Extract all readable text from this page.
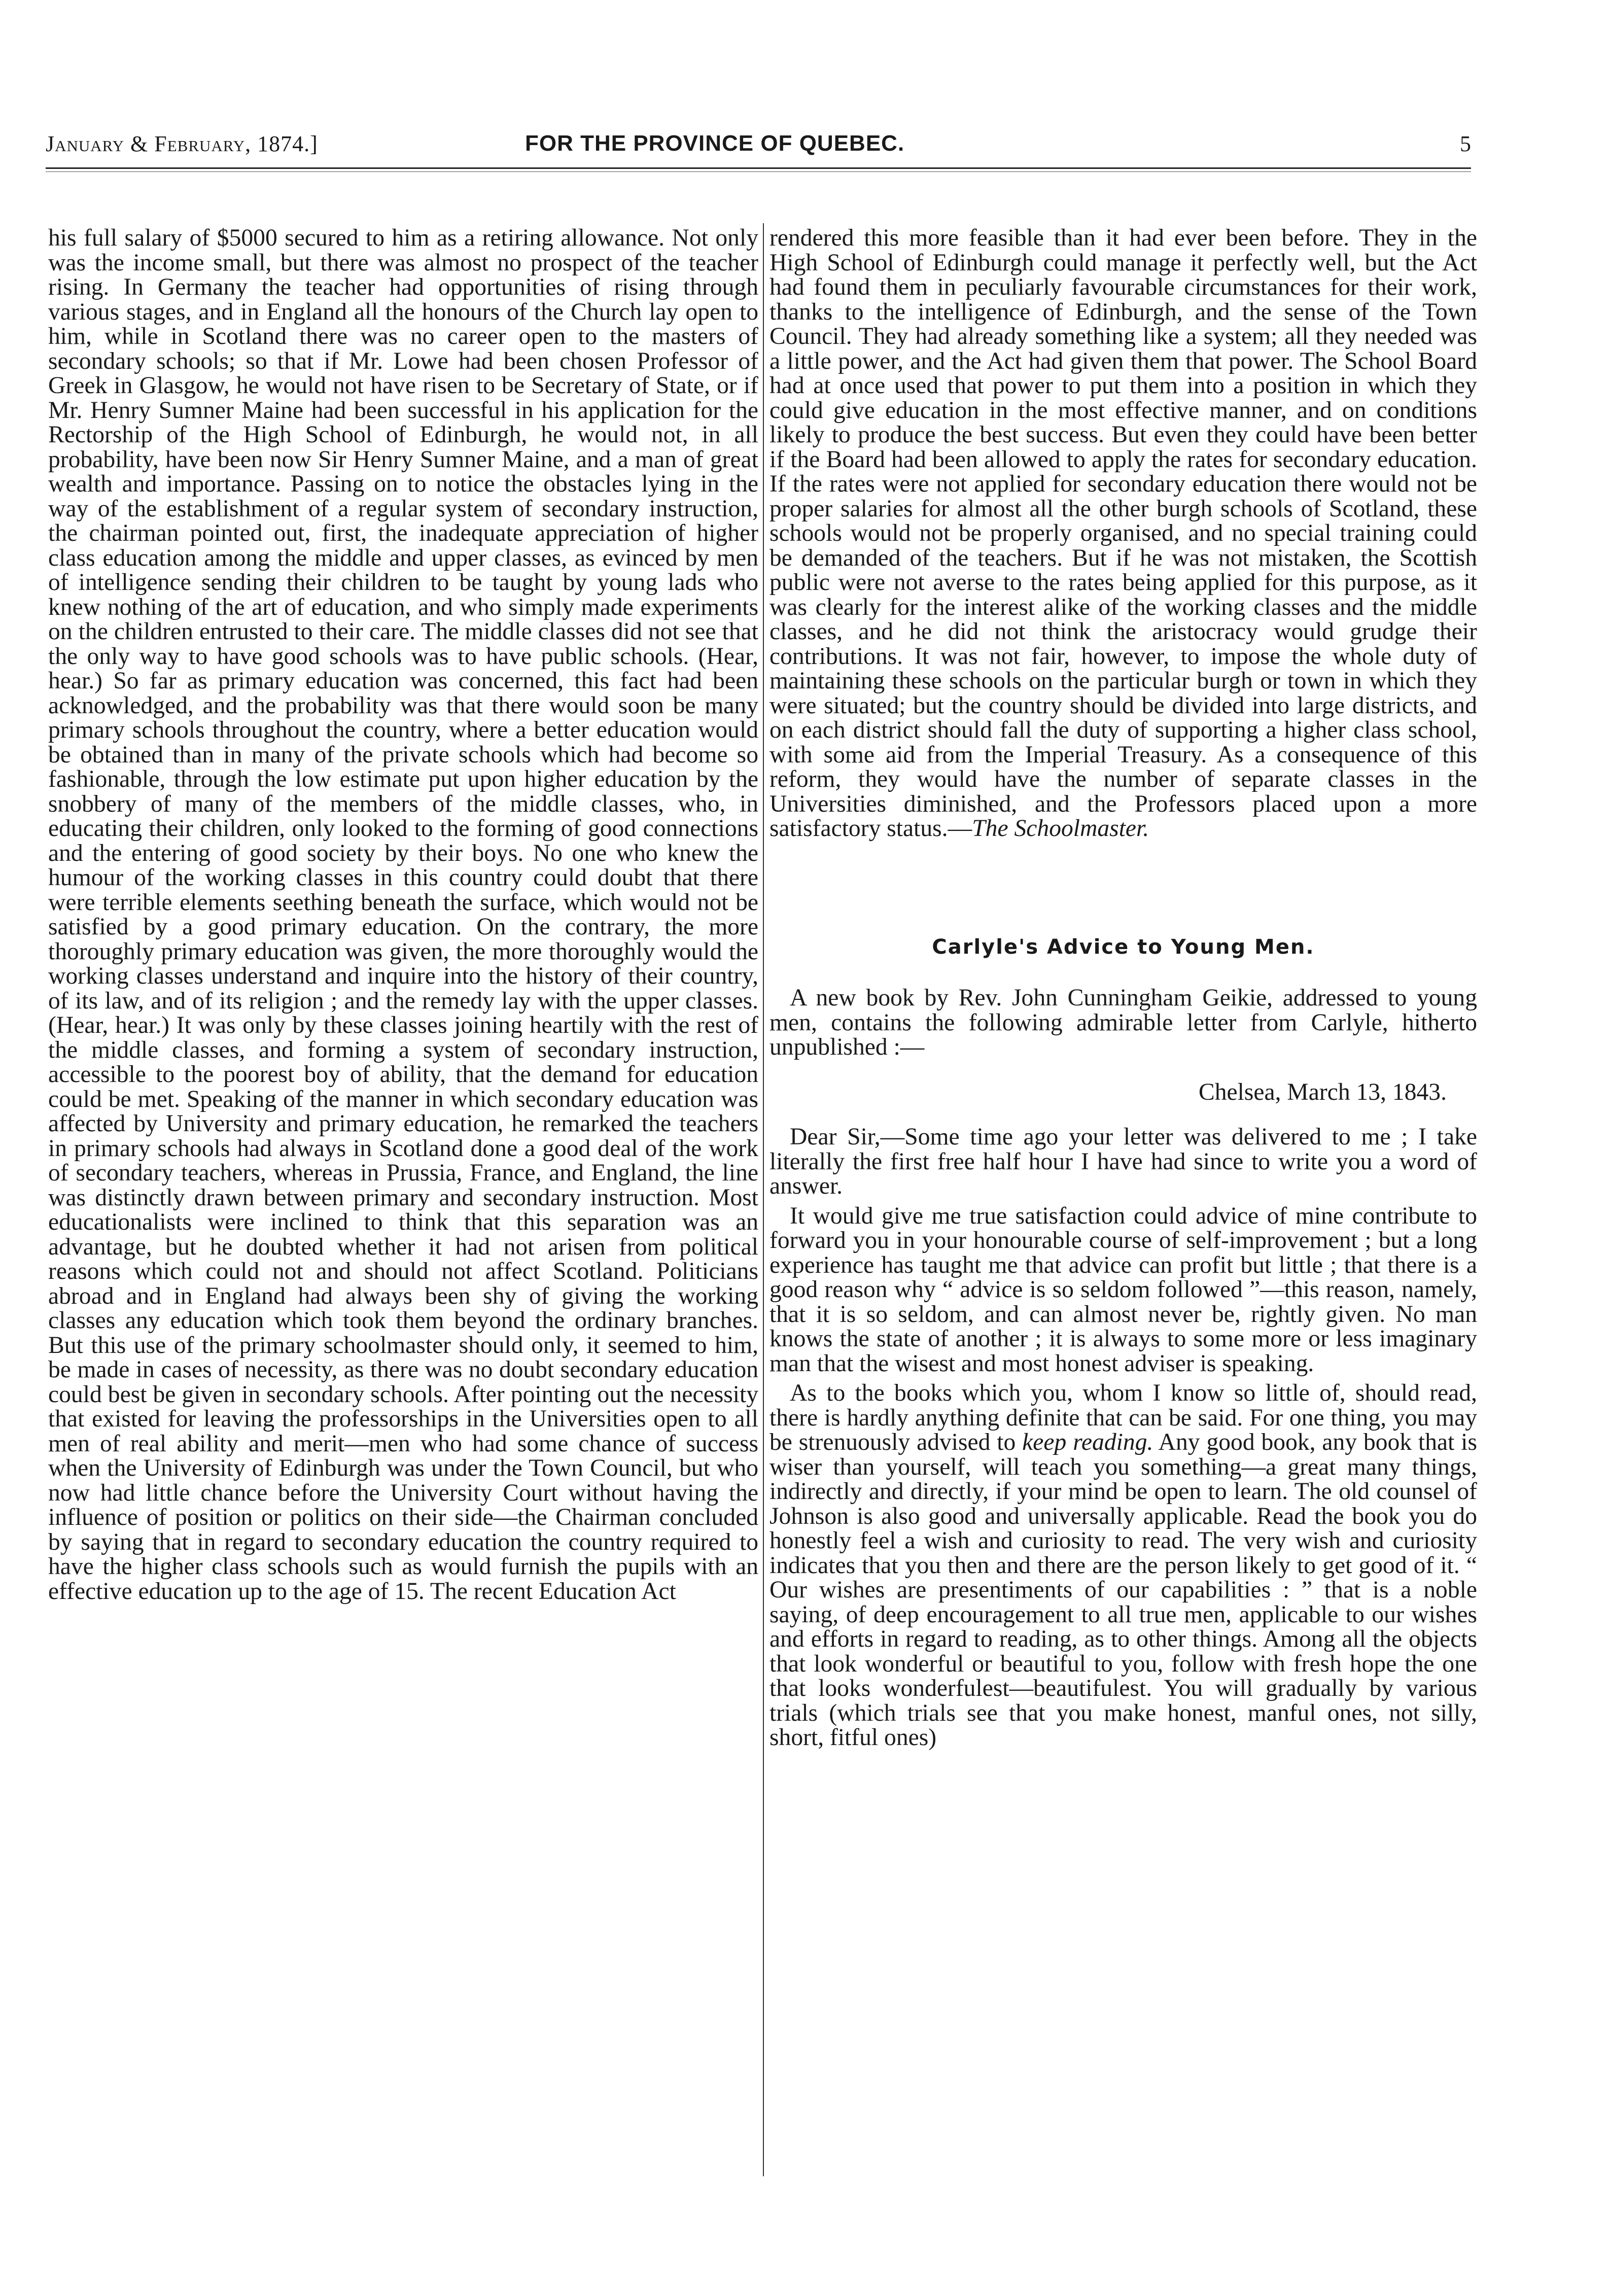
January & February, 1874.]	FOR THE PROVINCE OF QUEBEC.	5

his full salary of $5000 secured to him as a retiring allowance. Not only was the income small, but there was almost no prospect of the teacher rising. In Germany the teacher had opportunities of rising through various stages, and in England all the honours of the Church lay open to him, while in Scotland there was no career open to the masters of secondary schools; so that if Mr. Lowe had been chosen Professor of Greek in Glasgow, he would not have risen to be Secretary of State, or if Mr. Henry Sumner Maine had been successful in his application for the Rectorship of the High School of Edinburgh, he would not, in all probability, have been now Sir Henry Sumner Maine, and a man of great wealth and importance. Passing on to notice the obstacles lying in the way of the establishment of a regular system of secondary instruction, the chairman pointed out, first, the inadequate appreciation of higher class education among the middle and upper classes, as evinced by men of intelligence sending their children to be taught by young lads who knew nothing of the art of education, and who simply made experiments on the children entrusted to their care. The middle classes did not see that the only way to have good schools was to have public schools. (Hear, hear.) So far as primary education was concerned, this fact had been acknowledged, and the probability was that there would soon be many primary schools throughout the country, where a better education would be obtained than in many of the private schools which had become so fashionable, through the low estimate put upon higher education by the snobbery of many of the members of the middle classes, who, in educating their children, only looked to the forming of good connections and the entering of good society by their boys. No one who knew the humour of the working classes in this country could doubt that there were terrible elements seething beneath the surface, which would not be satisfied by a good primary education. On the contrary, the more thoroughly primary education was given, the more thoroughly would the working classes understand and inquire into the history of their country, of its law, and of its religion ; and the remedy lay with the upper classes. (Hear, hear.) It was only by these classes joining heartily with the rest of the middle classes, and forming a system of secondary instruction, accessible to the poorest boy of ability, that the demand for education could be met. Speaking of the manner in which secondary education was affected by University and primary education, he remarked the teachers in primary schools had always in Scotland done a good deal of the work of secondary teachers, whereas in Prussia, France, and England, the line was distinctly drawn between primary and secondary instruction. Most educationalists were inclined to think that this separation was an advantage, but he doubted whether it had not arisen from political reasons which could not and should not affect Scotland. Politicians abroad and in England had always been shy of giving the working classes any education which took them beyond the ordinary branches. But this use of the primary schoolmaster should only, it seemed to him, be made in cases of necessity, as there was no doubt secondary education could best be given in secondary schools. After pointing out the necessity that existed for leaving the professorships in the Universities open to all men of real ability and merit—men who had some chance of success when the University of Edinburgh was under the Town Council, but who now had little chance before the University Court without having the influence of position or politics on their side—the Chairman concluded by saying that in regard to secondary education the country required to have the higher class schools such as would furnish the pupils with an effective education up to the age of 15. The recent Education Act

rendered this more feasible than it had ever been before. They in the High School of Edinburgh could manage it perfectly well, but the Act had found them in peculiarly favourable circumstances for their work, thanks to the intelligence of Edinburgh, and the sense of the Town Council. They had already something like a system; all they needed was a little power, and the Act had given them that power. The School Board had at once used that power to put them into a position in which they could give education in the most effective manner, and on conditions likely to produce the best success. But even they could have been better if the Board had been allowed to apply the rates for secondary education. If the rates were not applied for secondary education there would not be proper salaries for almost all the other burgh schools of Scotland, these schools would not be properly organised, and no special training could be demanded of the teachers. But if he was not mistaken, the Scottish public were not averse to the rates being applied for this purpose, as it was clearly for the interest alike of the working classes and the middle classes, and he did not think the aristocracy would grudge their contributions. It was not fair, however, to impose the whole duty of maintaining these schools on the particular burgh or town in which they were situated; but the country should be divided into large districts, and on each district should fall the duty of supporting a higher class school, with some aid from the Imperial Treasury. As a consequence of this reform, they would have the number of separate classes in the Universities diminished, and the Professors placed upon a more satisfactory status.—The Schoolmaster.

Carlyle's Advice to Young Men.

A new book by Rev. John Cunningham Geikie, addressed to young men, contains the following admirable letter from Carlyle, hitherto unpublished :—

Chelsea, March 13, 1843.

Dear Sir,—Some time ago your letter was delivered to me ; I take literally the first free half hour I have had since to write you a word of answer.

It would give me true satisfaction could advice of mine contribute to forward you in your honourable course of self-improvement ; but a long experience has taught me that advice can profit but little ; that there is a good reason why “ advice is so seldom followed ”—this reason, namely, that it is so seldom, and can almost never be, rightly given. No man knows the state of another ; it is always to some more or less imaginary man that the wisest and most honest adviser is speaking.

As to the books which you, whom I know so little of, should read, there is hardly anything definite that can be said. For one thing, you may be strenuously advised to keep reading. Any good book, any book that is wiser than yourself, will teach you something—a great many things, indirectly and directly, if your mind be open to learn. The old counsel of Johnson is also good and universally applicable. Read the book you do honestly feel a wish and curiosity to read. The very wish and curiosity indicates that you then and there are the person likely to get good of it. “ Our wishes are presentiments of our capabilities : ” that is a noble saying, of deep encouragement to all true men, applicable to our wishes and efforts in regard to reading, as to other things. Among all the objects that look wonderful or beautiful to you, follow with fresh hope the one that looks wonderfulest—beautifulest. You will gradually by various trials (which trials see that you make honest, manful ones, not silly, short, fitful ones)
